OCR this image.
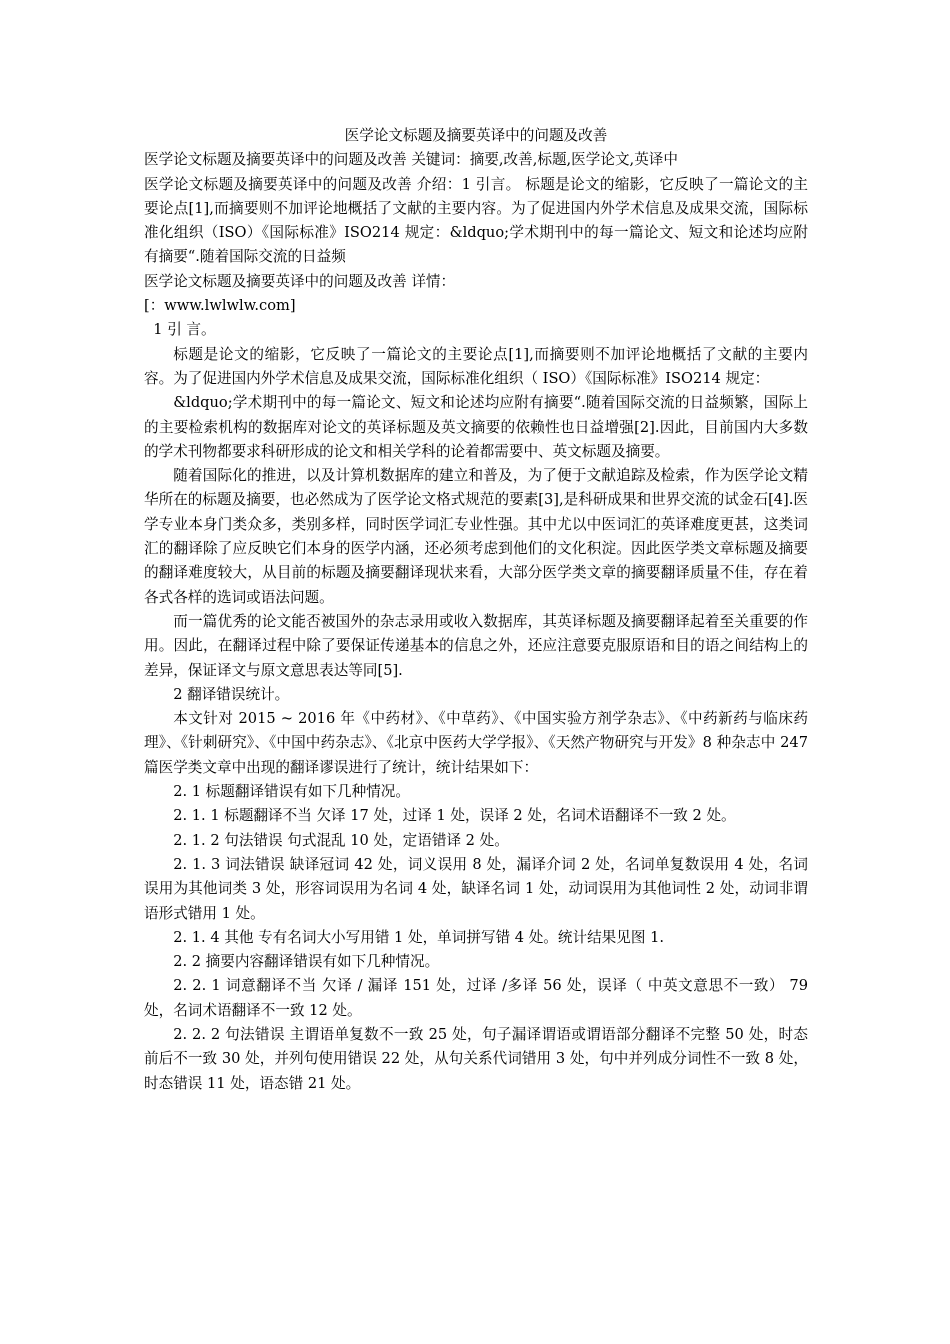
医学论文标题及摘要英译中的问题及改善

医学论文标题及摘要英译中的问题及改善 关键词：摘要,改善,标题,医学论文,英译中

医学论文标题及摘要英译中的问题及改善 介绍：1 引言。 标题是论文的缩影，它反映了一篇论文的主要论点[1],而摘要则不加评论地概括了文献的主要内容。为了促进国内外学术信息及成果交流，国际标准化组织（ISO）《国际标准》ISO214 规定：&ldquo;学术期刊中的每一篇论文、短文和论述均应附有摘要“.随着国际交流的日益频

医学论文标题及摘要英译中的问题及改善 详情：

[：www.lwlwlw.com]

1 引 言。

标题是论文的缩影，它反映了一篇论文的主要论点[1],而摘要则不加评论地概括了文献的主要内容。为了促进国内外学术信息及成果交流，国际标准化组织（ ISO）《国际标准》ISO214 规定：

&ldquo;学术期刊中的每一篇论文、短文和论述均应附有摘要“.随着国际交流的日益频繁，国际上的主要检索机构的数据库对论文的英译标题及英文摘要的依赖性也日益增强[2].因此，目前国内大多数的学术刊物都要求科研形成的论文和相关学科的论着都需要中、英文标题及摘要。

随着国际化的推进，以及计算机数据库的建立和普及，为了便于文献追踪及检索，作为医学论文精华所在的标题及摘要，也必然成为了医学论文格式规范的要素[3],是科研成果和世界交流的试金石[4].医学专业本身门类众多，类别多样，同时医学词汇专业性强。其中尤以中医词汇的英译难度更甚，这类词汇的翻译除了应反映它们本身的医学内涵，还必须考虑到他们的文化积淀。因此医学类文章标题及摘要的翻译难度较大，从目前的标题及摘要翻译现状来看，大部分医学类文章的摘要翻译质量不佳，存在着各式各样的选词或语法问题。

而一篇优秀的论文能否被国外的杂志录用或收入数据库，其英译标题及摘要翻译起着至关重要的作用。因此，在翻译过程中除了要保证传递基本的信息之外，还应注意要克服原语和目的语之间结构上的差异，保证译文与原文意思表达等同[5].

2 翻译错误统计。

本文针对 2015 ~ 2016 年《中药材》、《中草药》、《中国实验方剂学杂志》、《中药新药与临床药理》、《针刺研究》、《中国中药杂志》、《北京中医药大学学报》、《天然产物研究与开发》8 种杂志中 247 篇医学类文章中出现的翻译谬误进行了统计，统计结果如下：

2. 1 标题翻译错误有如下几种情况。

2. 1. 1 标题翻译不当 欠译 17 处，过译 1 处，误译 2 处，名词术语翻译不一致 2 处。

2. 1. 2 句法错误 句式混乱 10 处，定语错译 2 处。

2. 1. 3 词法错误 缺译冠词 42 处，词义误用 8 处，漏译介词 2 处，名词单复数误用 4 处，名词误用为其他词类 3 处，形容词误用为名词 4 处，缺译名词 1 处，动词误用为其他词性 2 处，动词非谓语形式错用 1 处。

2. 1. 4 其他 专有名词大小写用错 1 处，单词拼写错 4 处。统计结果见图 1.

2. 2 摘要内容翻译错误有如下几种情况。

2. 2. 1 词意翻译不当 欠译 / 漏译 151 处，过译 /多译 56 处，误译（ 中英文意思不一致） 79 处，名词术语翻译不一致 12 处。

2. 2. 2 句法错误 主谓语单复数不一致 25 处，句子漏译谓语或谓语部分翻译不完整 50 处，时态前后不一致 30 处，并列句使用错误 22 处，从句关系代词错用 3 处，句中并列成分词性不一致 8 处，时态错误 11 处，语态错 21 处。
